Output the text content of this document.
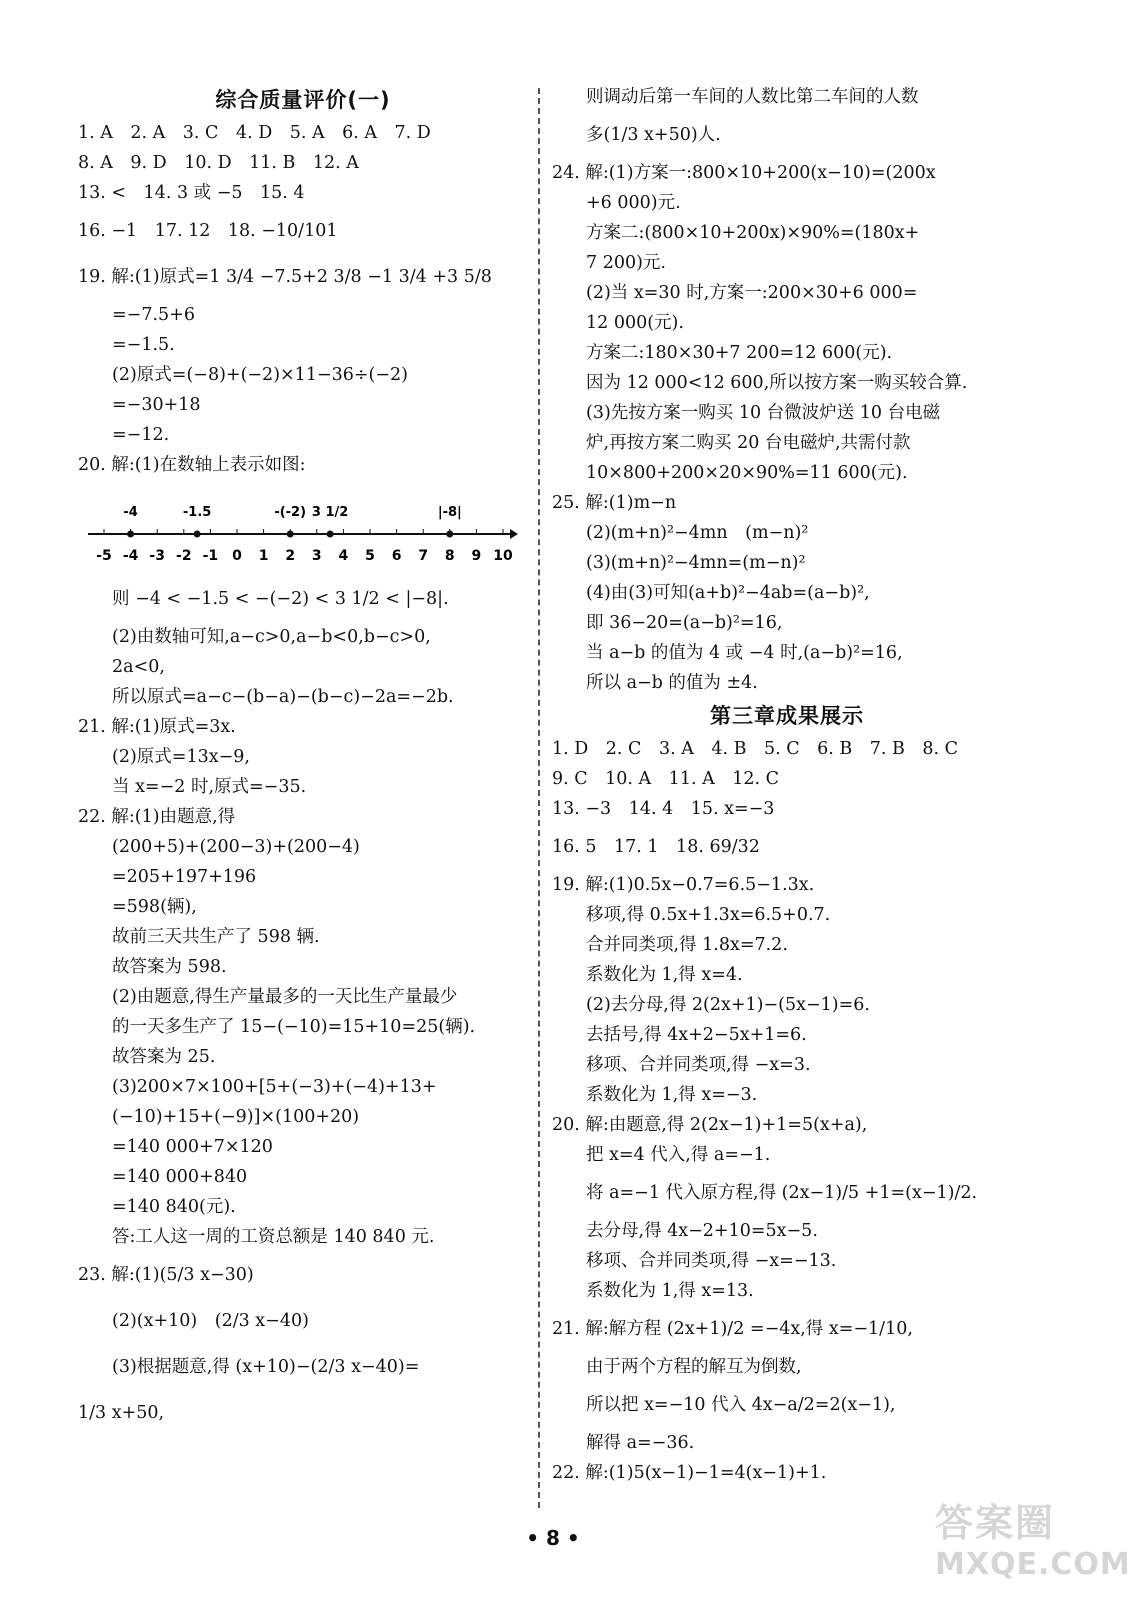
综合质量评价(一)
1. A　2. A　3. C　4. D　5. A　6. A　7. D
8. A　9. D　10. D　11. B　12. A
13. <　14. 3 或 −5　15. 4
16. −1　17. 12　18. −10/101
19. 解:(1)原式=1 3/4 −7.5+2 3/8 −1 3/4 +3 5/8
=−7.5+6
=−1.5.
(2)原式=(−8)+(−2)×11−36÷(−2)
=−30+18
=−12.
20. 解:(1)在数轴上表示如图:
-5 -4 -3 -2 -1 0 1 2 3 4 5 6 7 8 9 10
-4	-1.5	-(-2) 3 1/2	|-8|
则 −4 < −1.5 < −(−2) < 3 1/2 < |−8|.
(2)由数轴可知,a−c>0,a−b<0,b−c>0,
2a<0,
所以原式=a−c−(b−a)−(b−c)−2a=−2b.
21. 解:(1)原式=3x.
(2)原式=13x−9,
当 x=−2 时,原式=−35.
22. 解:(1)由题意,得
(200+5)+(200−3)+(200−4)
=205+197+196
=598(辆),
故前三天共生产了 598 辆.
故答案为 598.
(2)由题意,得生产量最多的一天比生产量最少
的一天多生产了 15−(−10)=15+10=25(辆).
故答案为 25.
(3)200×7×100+[5+(−3)+(−4)+13+
(−10)+15+(−9)]×(100+20)
=140 000+7×120
=140 000+840
=140 840(元).
答:工人这一周的工资总额是 140 840 元.
23. 解:(1)(5/3 x−30)
(2)(x+10)　(2/3 x−40)
(3)根据题意,得 (x+10)−(2/3 x−40)=
1/3 x+50,
则调动后第一车间的人数比第二车间的人数
多(1/3 x+50)人.
24. 解:(1)方案一:800×10+200(x−10)=(200x
+6 000)元.
方案二:(800×10+200x)×90%=(180x+
7 200)元.
(2)当 x=30 时,方案一:200×30+6 000=
12 000(元).
方案二:180×30+7 200=12 600(元).
因为 12 000<12 600,所以按方案一购买较合算.
(3)先按方案一购买 10 台微波炉送 10 台电磁
炉,再按方案二购买 20 台电磁炉,共需付款
10×800+200×20×90%=11 600(元).
25. 解:(1)m−n
(2)(m+n)²−4mn　(m−n)²
(3)(m+n)²−4mn=(m−n)²
(4)由(3)可知(a+b)²−4ab=(a−b)²,
即 36−20=(a−b)²=16,
当 a−b 的值为 4 或 −4 时,(a−b)²=16,
所以 a−b 的值为 ±4.
第三章成果展示
1. D　2. C　3. A　4. B　5. C　6. B　7. B　8. C
9. C　10. A　11. A　12. C
13. −3　14. 4　15. x=−3
16. 5　17. 1　18. 69/32
19. 解:(1)0.5x−0.7=6.5−1.3x.
移项,得 0.5x+1.3x=6.5+0.7.
合并同类项,得 1.8x=7.2.
系数化为 1,得 x=4.
(2)去分母,得 2(2x+1)−(5x−1)=6.
去括号,得 4x+2−5x+1=6.
移项、合并同类项,得 −x=3.
系数化为 1,得 x=−3.
20. 解:由题意,得 2(2x−1)+1=5(x+a),
把 x=4 代入,得 a=−1.
将 a=−1 代入原方程,得 (2x−1)/5 +1=(x−1)/2.
去分母,得 4x−2+10=5x−5.
移项、合并同类项,得 −x=−13.
系数化为 1,得 x=13.
21. 解:解方程 (2x+1)/2 =−4x,得 x=−1/10,
由于两个方程的解互为倒数,
所以把 x=−10 代入 4x−a/2=2(x−1),
解得 a=−36.
22. 解:(1)5(x−1)−1=4(x−1)+1.
• 8 •	答案圈
MXQE.COM
